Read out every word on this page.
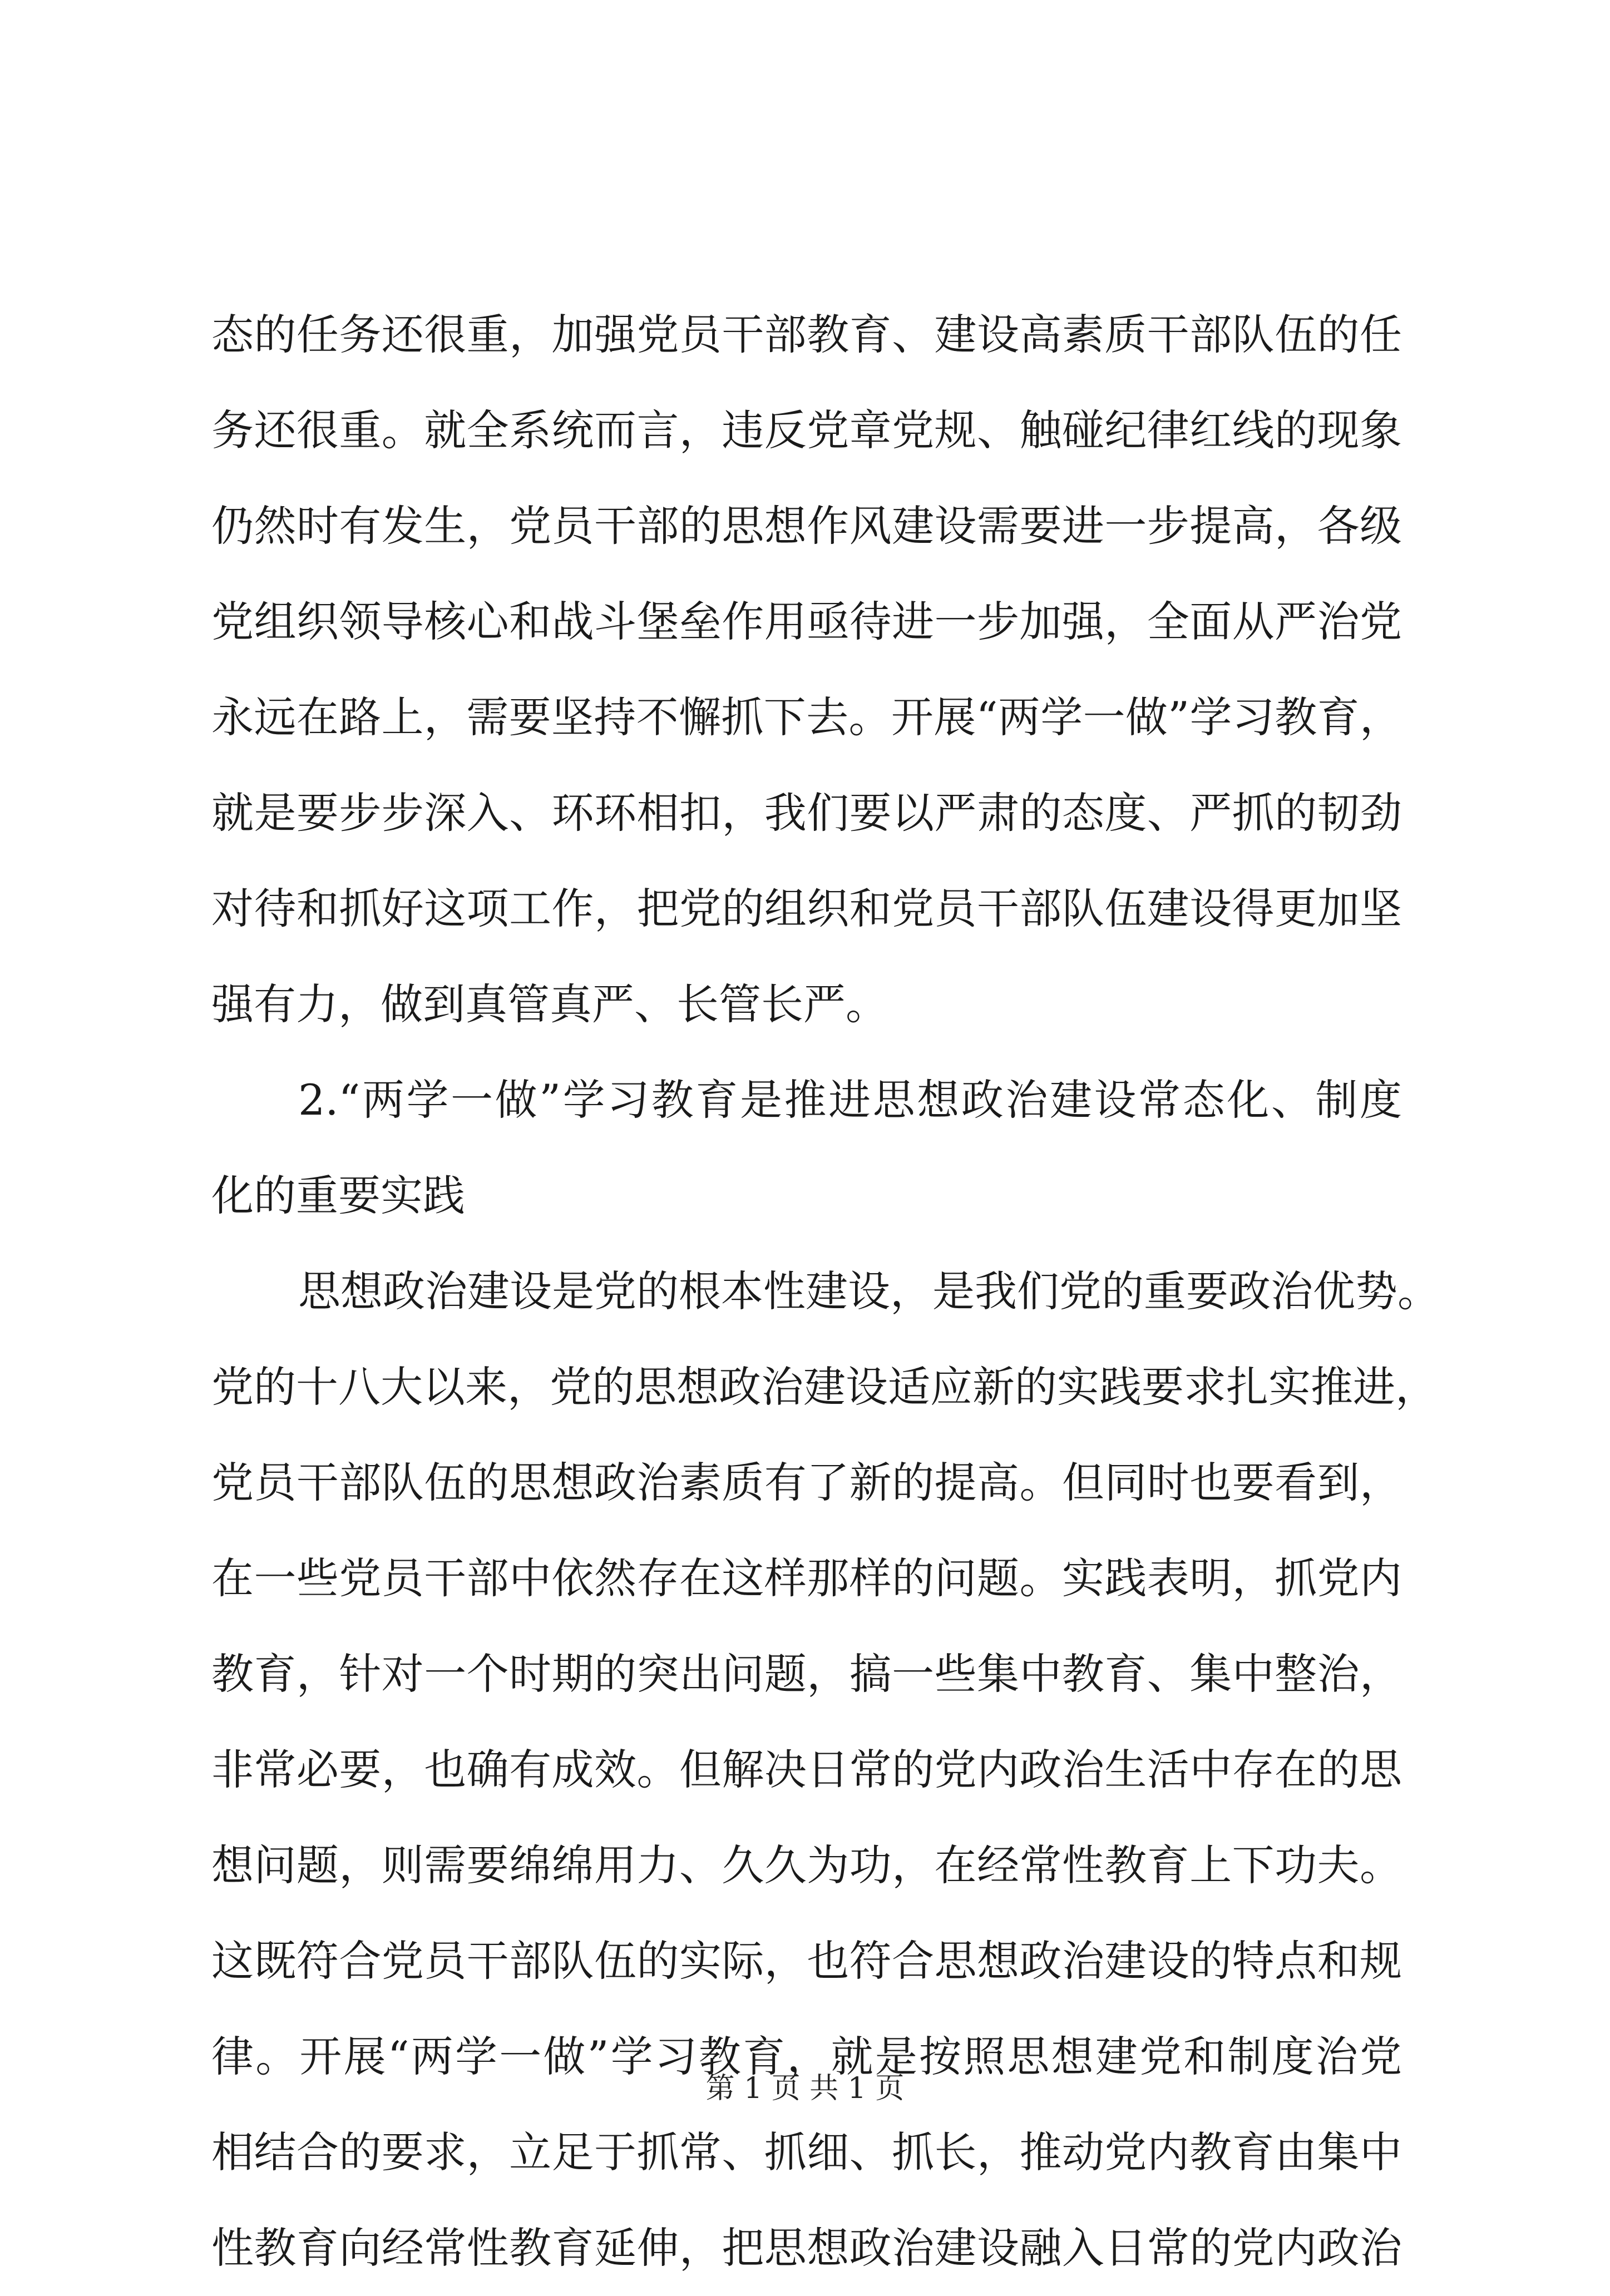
态的任务还很重，加强党员干部教育、建设高素质干部队伍的任
务还很重。就全系统而言，违反党章党规、触碰纪律红线的现象
仍然时有发生，党员干部的思想作风建设需要进一步提高，各级
党组织领导核心和战斗堡垒作用亟待进一步加强，全面从严治党
永远在路上，需要坚持不懈抓下去。开展“两学一做”学习教育，
就是要步步深入、环环相扣，我们要以严肃的态度、严抓的韧劲
对待和抓好这项工作，把党的组织和党员干部队伍建设得更加坚
强有力，做到真管真严、长管长严。
2.“两学一做”学习教育是推进思想政治建设常态化、制度
化的重要实践
思想政治建设是党的根本性建设，是我们党的重要政治优势。
党的十八大以来，党的思想政治建设适应新的实践要求扎实推进，
党员干部队伍的思想政治素质有了新的提高。但同时也要看到，
在一些党员干部中依然存在这样那样的问题。实践表明，抓党内
教育，针对一个时期的突出问题，搞一些集中教育、集中整治，
非常必要，也确有成效。但解决日常的党内政治生活中存在的思
想问题，则需要绵绵用力、久久为功，在经常性教育上下功夫。
这既符合党员干部队伍的实际，也符合思想政治建设的特点和规
律。开展“两学一做”学习教育，就是按照思想建党和制度治党
相结合的要求，立足于抓常、抓细、抓长，推动党内教育由集中
性教育向经常性教育延伸，把思想政治建设融入日常的党内政治
第 1 页 共 1 页
